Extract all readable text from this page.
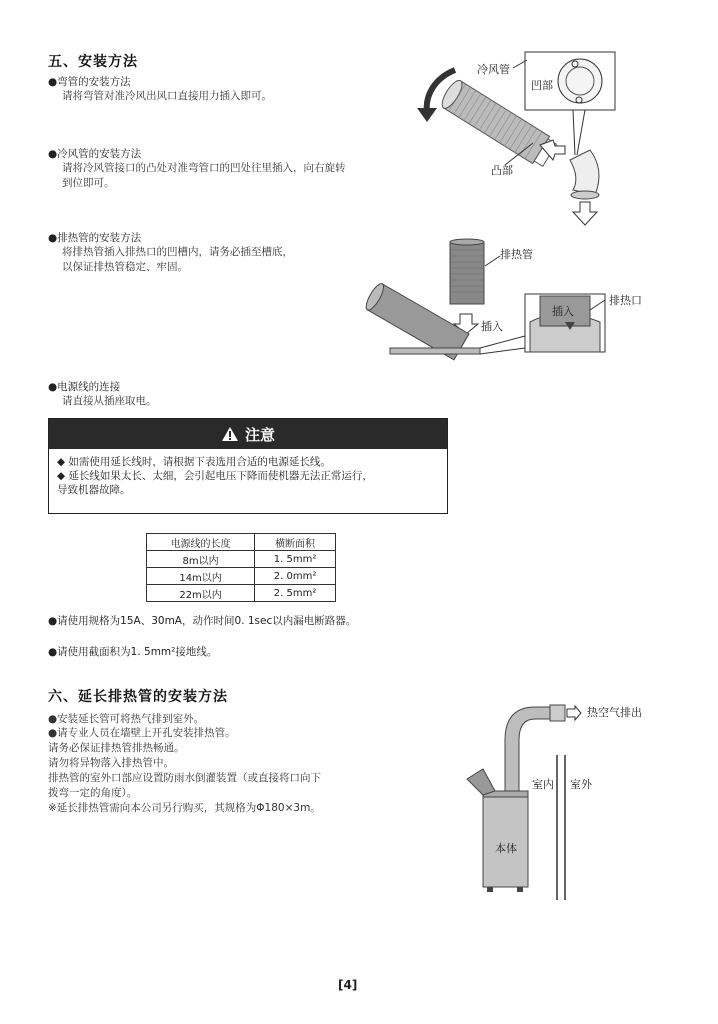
五、安装方法
●弯管的安装方法
请将弯管对准冷风出风口直接用力插入即可。
●冷风管的安装方法
请将冷风管接口的凸处对准弯管口的凹处往里插入，向右旋转
到位即可。
●排热管的安装方法
将排热管插入排热口的凹槽内，请务必插至槽底，
以保证排热管稳定、牢固。
●电源线的连接
请直接从插座取电。
冷风管
凹部
凸部
排热管
插入
插入
排热口
注意
◆ 如需使用延长线时，请根据下表选用合适的电源延长线。
◆ 延长线如果太长、太细，会引起电压下降而使机器无法正常运行，
导致机器故障。
电源线的长度	横断面积
8m以内	1. 5mm²
14m以内	2. 0mm²
22m以内	2. 5mm²
●请使用规格为15A、30mA，动作时间0. 1sec以内漏电断路器。
●请使用截面积为1. 5mm²接地线。
六、延长排热管的安装方法
●安装延长管可将热气排到室外。
●请专业人员在墙壁上开孔安装排热管。
请务必保证排热管排热畅通。
请勿将异物落入排热管中。
排热管的室外口部应设置防雨水倒灌装置（或直接将口向下
拨弯一定的角度）。
※延长排热管需向本公司另行购买，其规格为Φ180×3m。
热空气排出
室内 室外
本体
[4]
